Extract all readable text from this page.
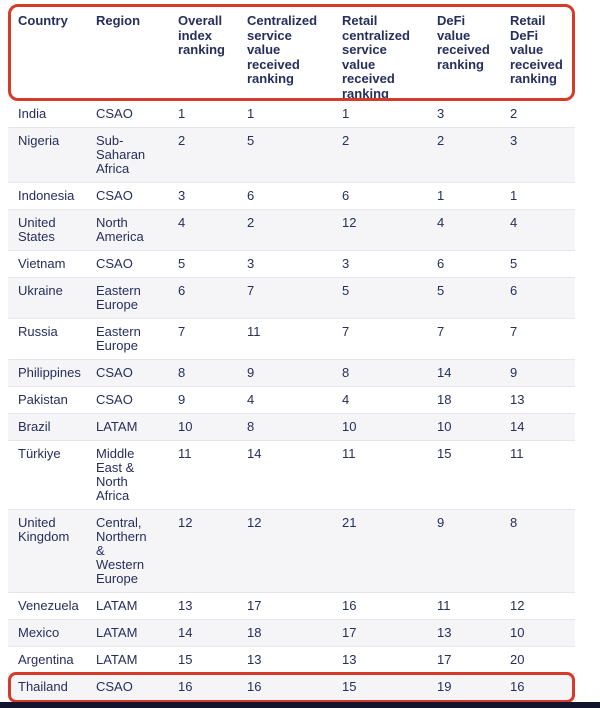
Country	Region	Overall index ranking	Centralized service value received ranking	Retail centralized service value received ranking	DeFi value received ranking	Retail DeFi value received ranking
India	CSAO	1	1	1	3	2
Nigeria	Sub-Saharan Africa	2	5	2	2	3
Indonesia	CSAO	3	6	6	1	1
United States	North America	4	2	12	4	4
Vietnam	CSAO	5	3	3	6	5
Ukraine	Eastern Europe	6	7	5	5	6
Russia	Eastern Europe	7	11	7	7	7
Philippines	CSAO	8	9	8	14	9
Pakistan	CSAO	9	4	4	18	13
Brazil	LATAM	10	8	10	10	14
Türkiye	Middle East & North Africa	11	14	11	15	11
United Kingdom	Central, Northern & Western Europe	12	12	21	9	8
Venezuela	LATAM	13	17	16	11	12
Mexico	LATAM	14	18	17	13	10
Argentina	LATAM	15	13	13	17	20
Thailand	CSAO	16	16	15	19	16
